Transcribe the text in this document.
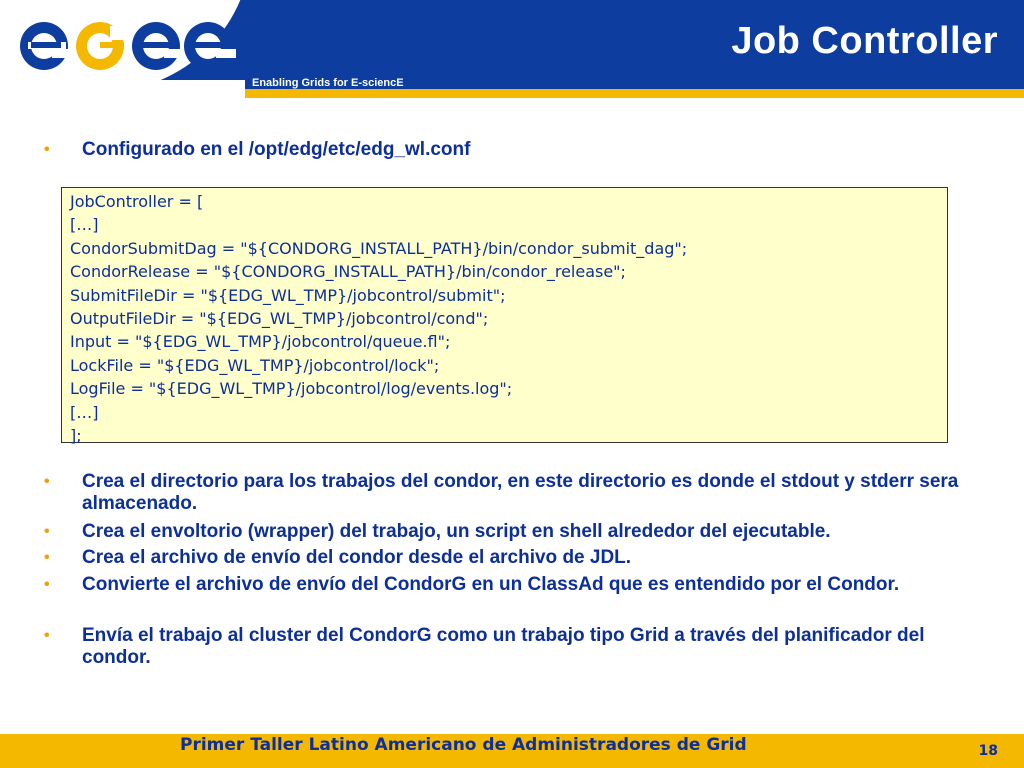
Enabling Grids for E-sciencE
Job Controller
•	Configurado en el /opt/edg/etc/edg_wl.conf
JobController = [
[…]
CondorSubmitDag = "${CONDORG_INSTALL_PATH}/bin/condor_submit_dag";
CondorRelease = "${CONDORG_INSTALL_PATH}/bin/condor_release";
SubmitFileDir = "${EDG_WL_TMP}/jobcontrol/submit";
OutputFileDir = "${EDG_WL_TMP}/jobcontrol/cond";
Input = "${EDG_WL_TMP}/jobcontrol/queue.fl";
LockFile = "${EDG_WL_TMP}/jobcontrol/lock";
LogFile = "${EDG_WL_TMP}/jobcontrol/log/events.log";
[…]
];
•	Crea el directorio para los trabajos del condor, en este directorio es donde el stdout y stderr sera almacenado.
•	Crea el envoltorio (wrapper) del trabajo, un script en shell alrededor del ejecutable.
•	Crea el archivo de envío del condor desde el archivo de JDL.
•	Convierte el archivo de envío del CondorG en un ClassAd que es entendido por el Condor.
•	Envía el trabajo al cluster del CondorG como un trabajo tipo Grid a través del planificador del condor.
Primer Taller Latino Americano de Administradores de Grid	18
